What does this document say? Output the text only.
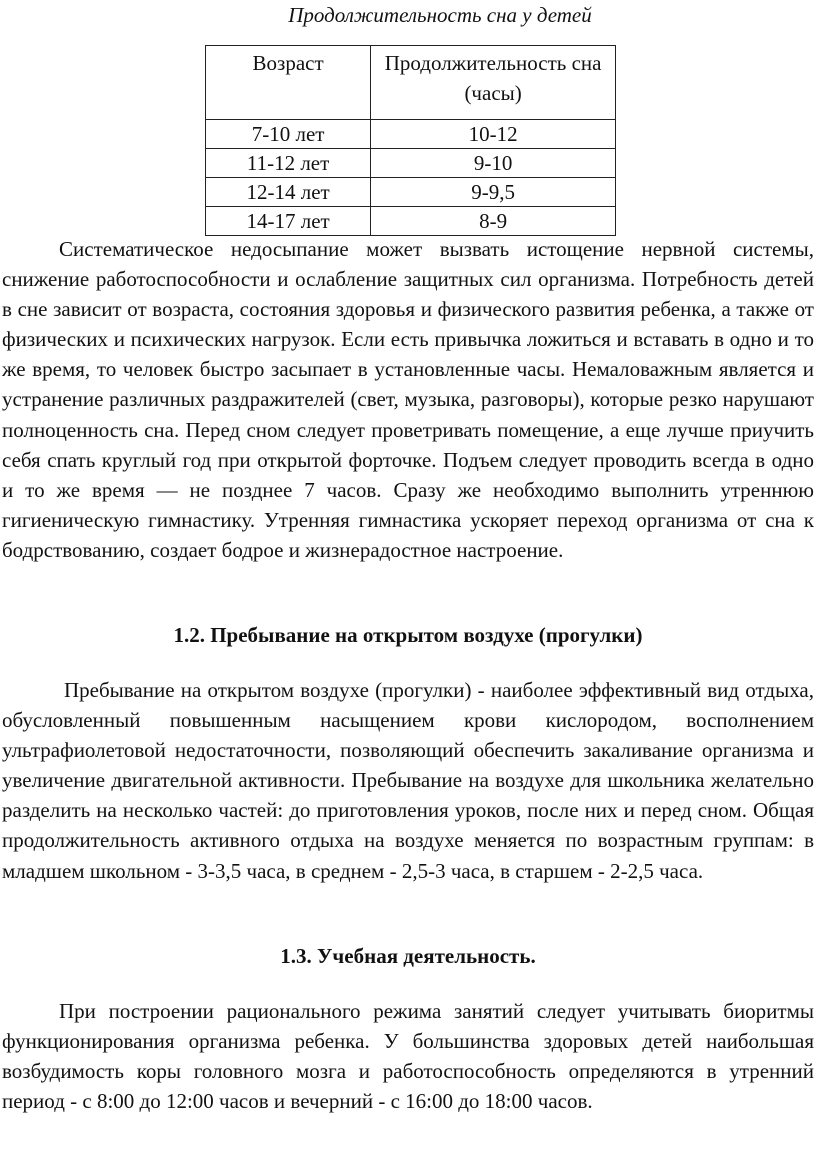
Продолжительность сна у детей
Возраст	Продолжительность сна (часы)
7-10 лет	10-12
11-12 лет	9-10
12-14 лет	9-9,5
14-17 лет	8-9

Систематическое недосыпание может вызвать истощение нервной системы, снижение работоспособности и ослабление защитных сил организма. Потребность детей в сне зависит от возраста, состояния здоровья и физического развития ребенка, а также от физических и психических нагрузок. Если есть привычка ложиться и вставать в одно и то же время, то человек быстро засыпает в установленные часы. Немаловажным является и устранение различных раздражителей (свет, музыка, разговоры), которые резко нарушают полноценность сна. Перед сном следует проветривать помещение, а еще лучше приучить себя спать круглый год при открытой форточке. Подъем следует проводить всегда в одно и то же время — не позднее 7 часов. Сразу же необходимо выполнить утреннюю гигиеническую гимнастику. Утренняя гимнастика ускоряет переход организма от сна к бодрствованию, создает бодрое и жизнерадостное настроение.

1.2. Пребывание на открытом воздухе (прогулки)

Пребывание на открытом воздухе (прогулки) - наиболее эффективный вид отдыха, обусловленный повышенным насыщением крови кислородом, восполнением ультрафиолетовой недостаточности, позволяющий обеспечить закаливание организма и увеличение двигательной активности. Пребывание на воздухе для школьника желательно разделить на несколько частей: до приготовления уроков, после них и перед сном. Общая продолжительность активного отдыха на воздухе меняется по возрастным группам: в младшем школьном - 3-3,5 часа, в среднем - 2,5-3 часа, в старшем - 2-2,5 часа.

1.3. Учебная деятельность.

При построении рационального режима занятий следует учитывать биоритмы функционирования организма ребенка. У большинства здоровых детей наибольшая возбудимость коры головного мозга и работоспособность определяются в утренний период - с 8:00 до 12:00 часов и вечерний - с 16:00 до 18:00 часов.
